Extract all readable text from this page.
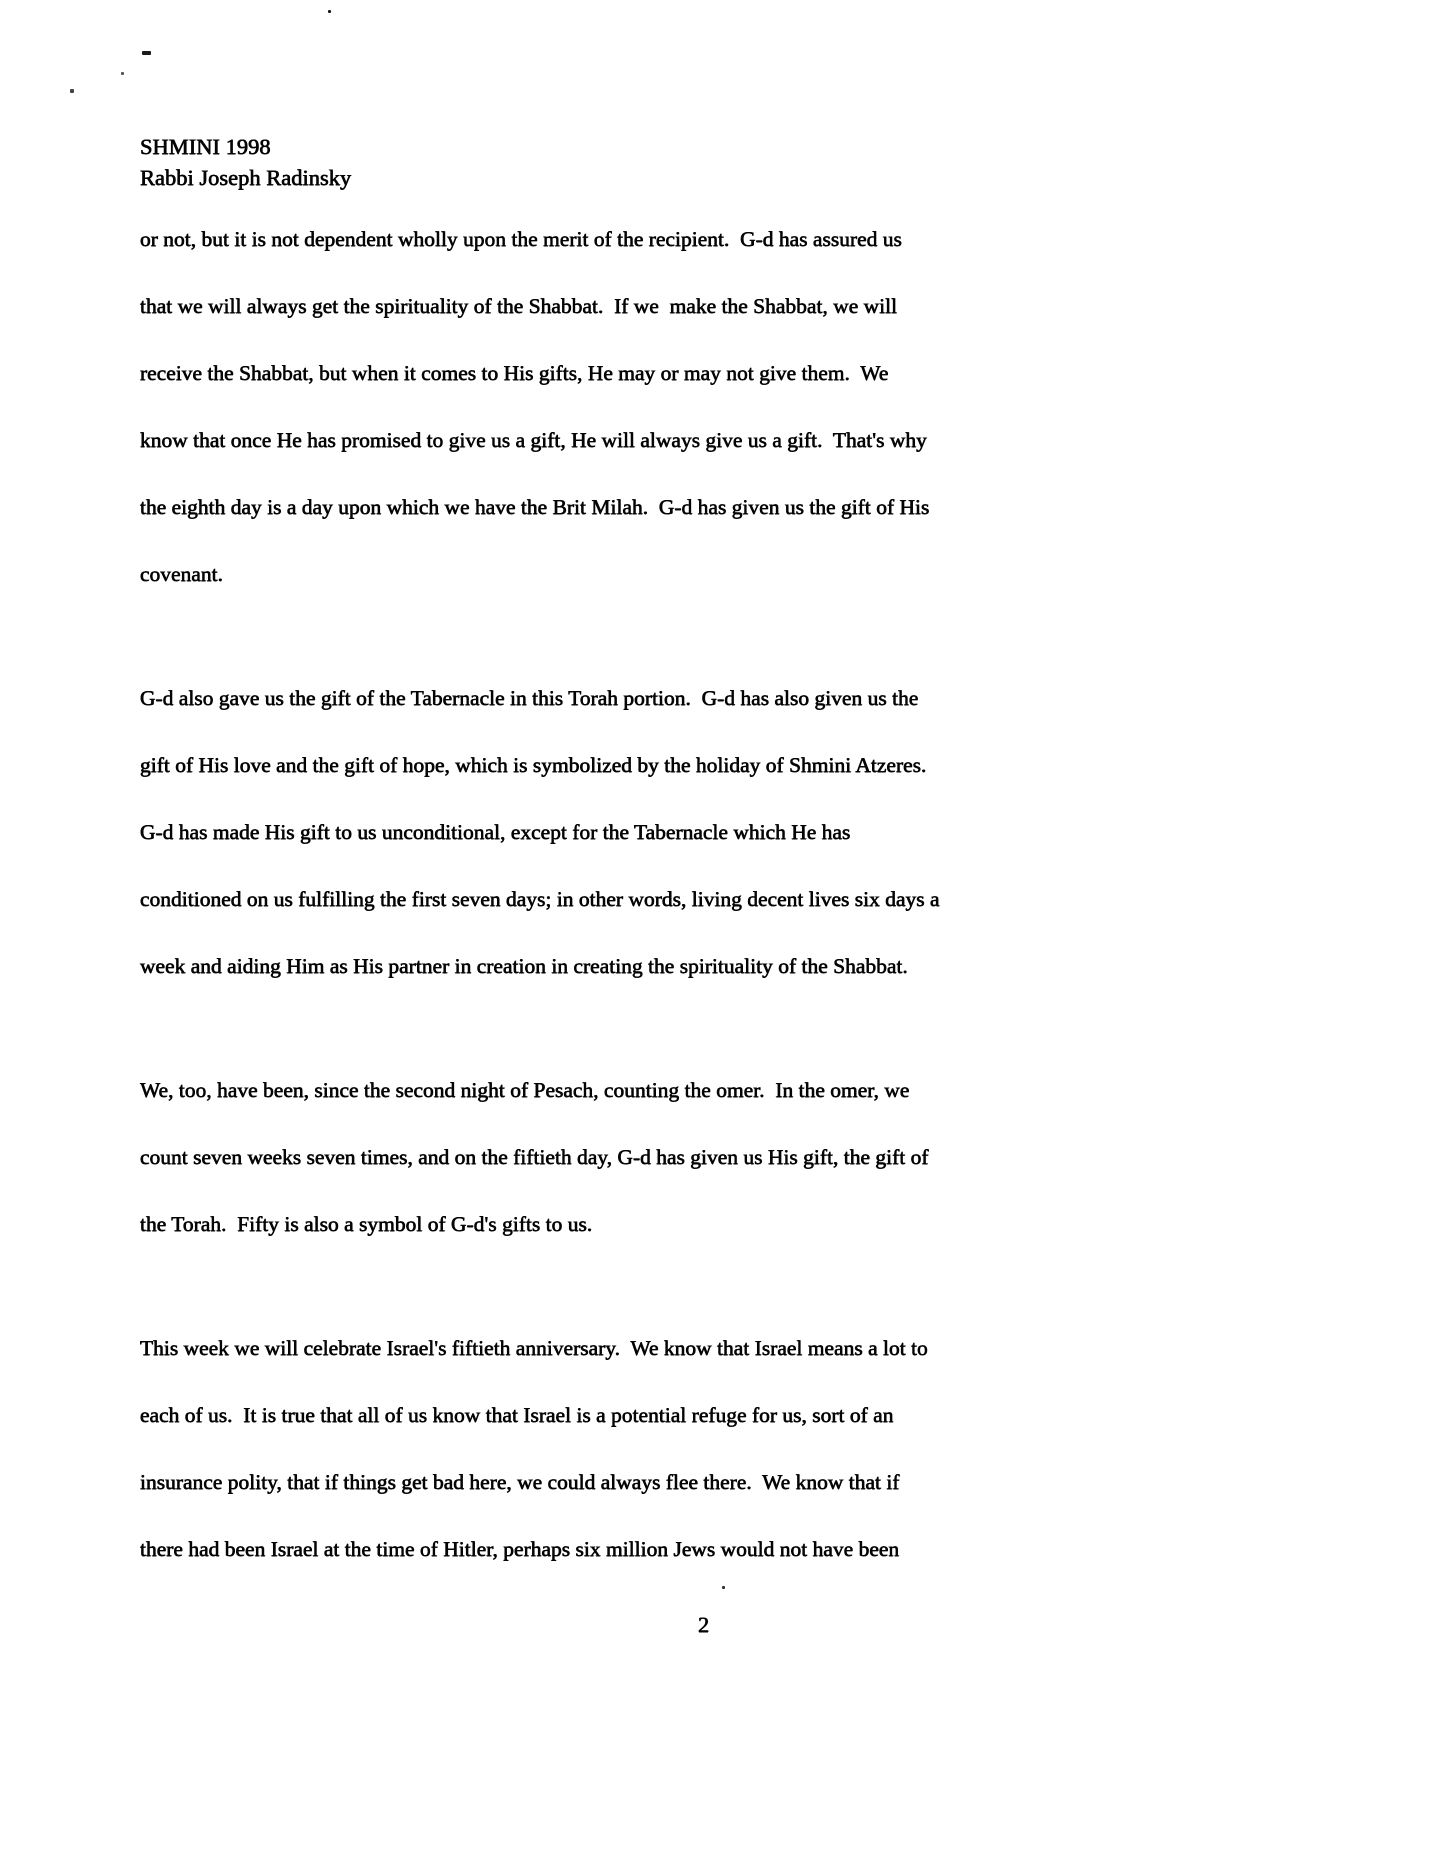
SHMINI 1998
Rabbi Joseph Radinsky
or not, but it is not dependent wholly upon the merit of the recipient.  G-d has assured us
that we will always get the spirituality of the Shabbat.  If we  make the Shabbat, we will
receive the Shabbat, but when it comes to His gifts, He may or may not give them.  We
know that once He has promised to give us a gift, He will always give us a gift.  That's why
the eighth day is a day upon which we have the Brit Milah.  G-d has given us the gift of His
covenant.
G-d also gave us the gift of the Tabernacle in this Torah portion.  G-d has also given us the
gift of His love and the gift of hope, which is symbolized by the holiday of Shmini Atzeres.
G-d has made His gift to us unconditional, except for the Tabernacle which He has
conditioned on us fulfilling the first seven days; in other words, living decent lives six days a
week and aiding Him as His partner in creation in creating the spirituality of the Shabbat.
We, too, have been, since the second night of Pesach, counting the omer.  In the omer, we
count seven weeks seven times, and on the fiftieth day, G-d has given us His gift, the gift of
the Torah.  Fifty is also a symbol of G-d's gifts to us.
This week we will celebrate Israel's fiftieth anniversary.  We know that Israel means a lot to
each of us.  It is true that all of us know that Israel is a potential refuge for us, sort of an
insurance polity, that if things get bad here, we could always flee there.  We know that if
there had been Israel at the time of Hitler, perhaps six million Jews would not have been
2
